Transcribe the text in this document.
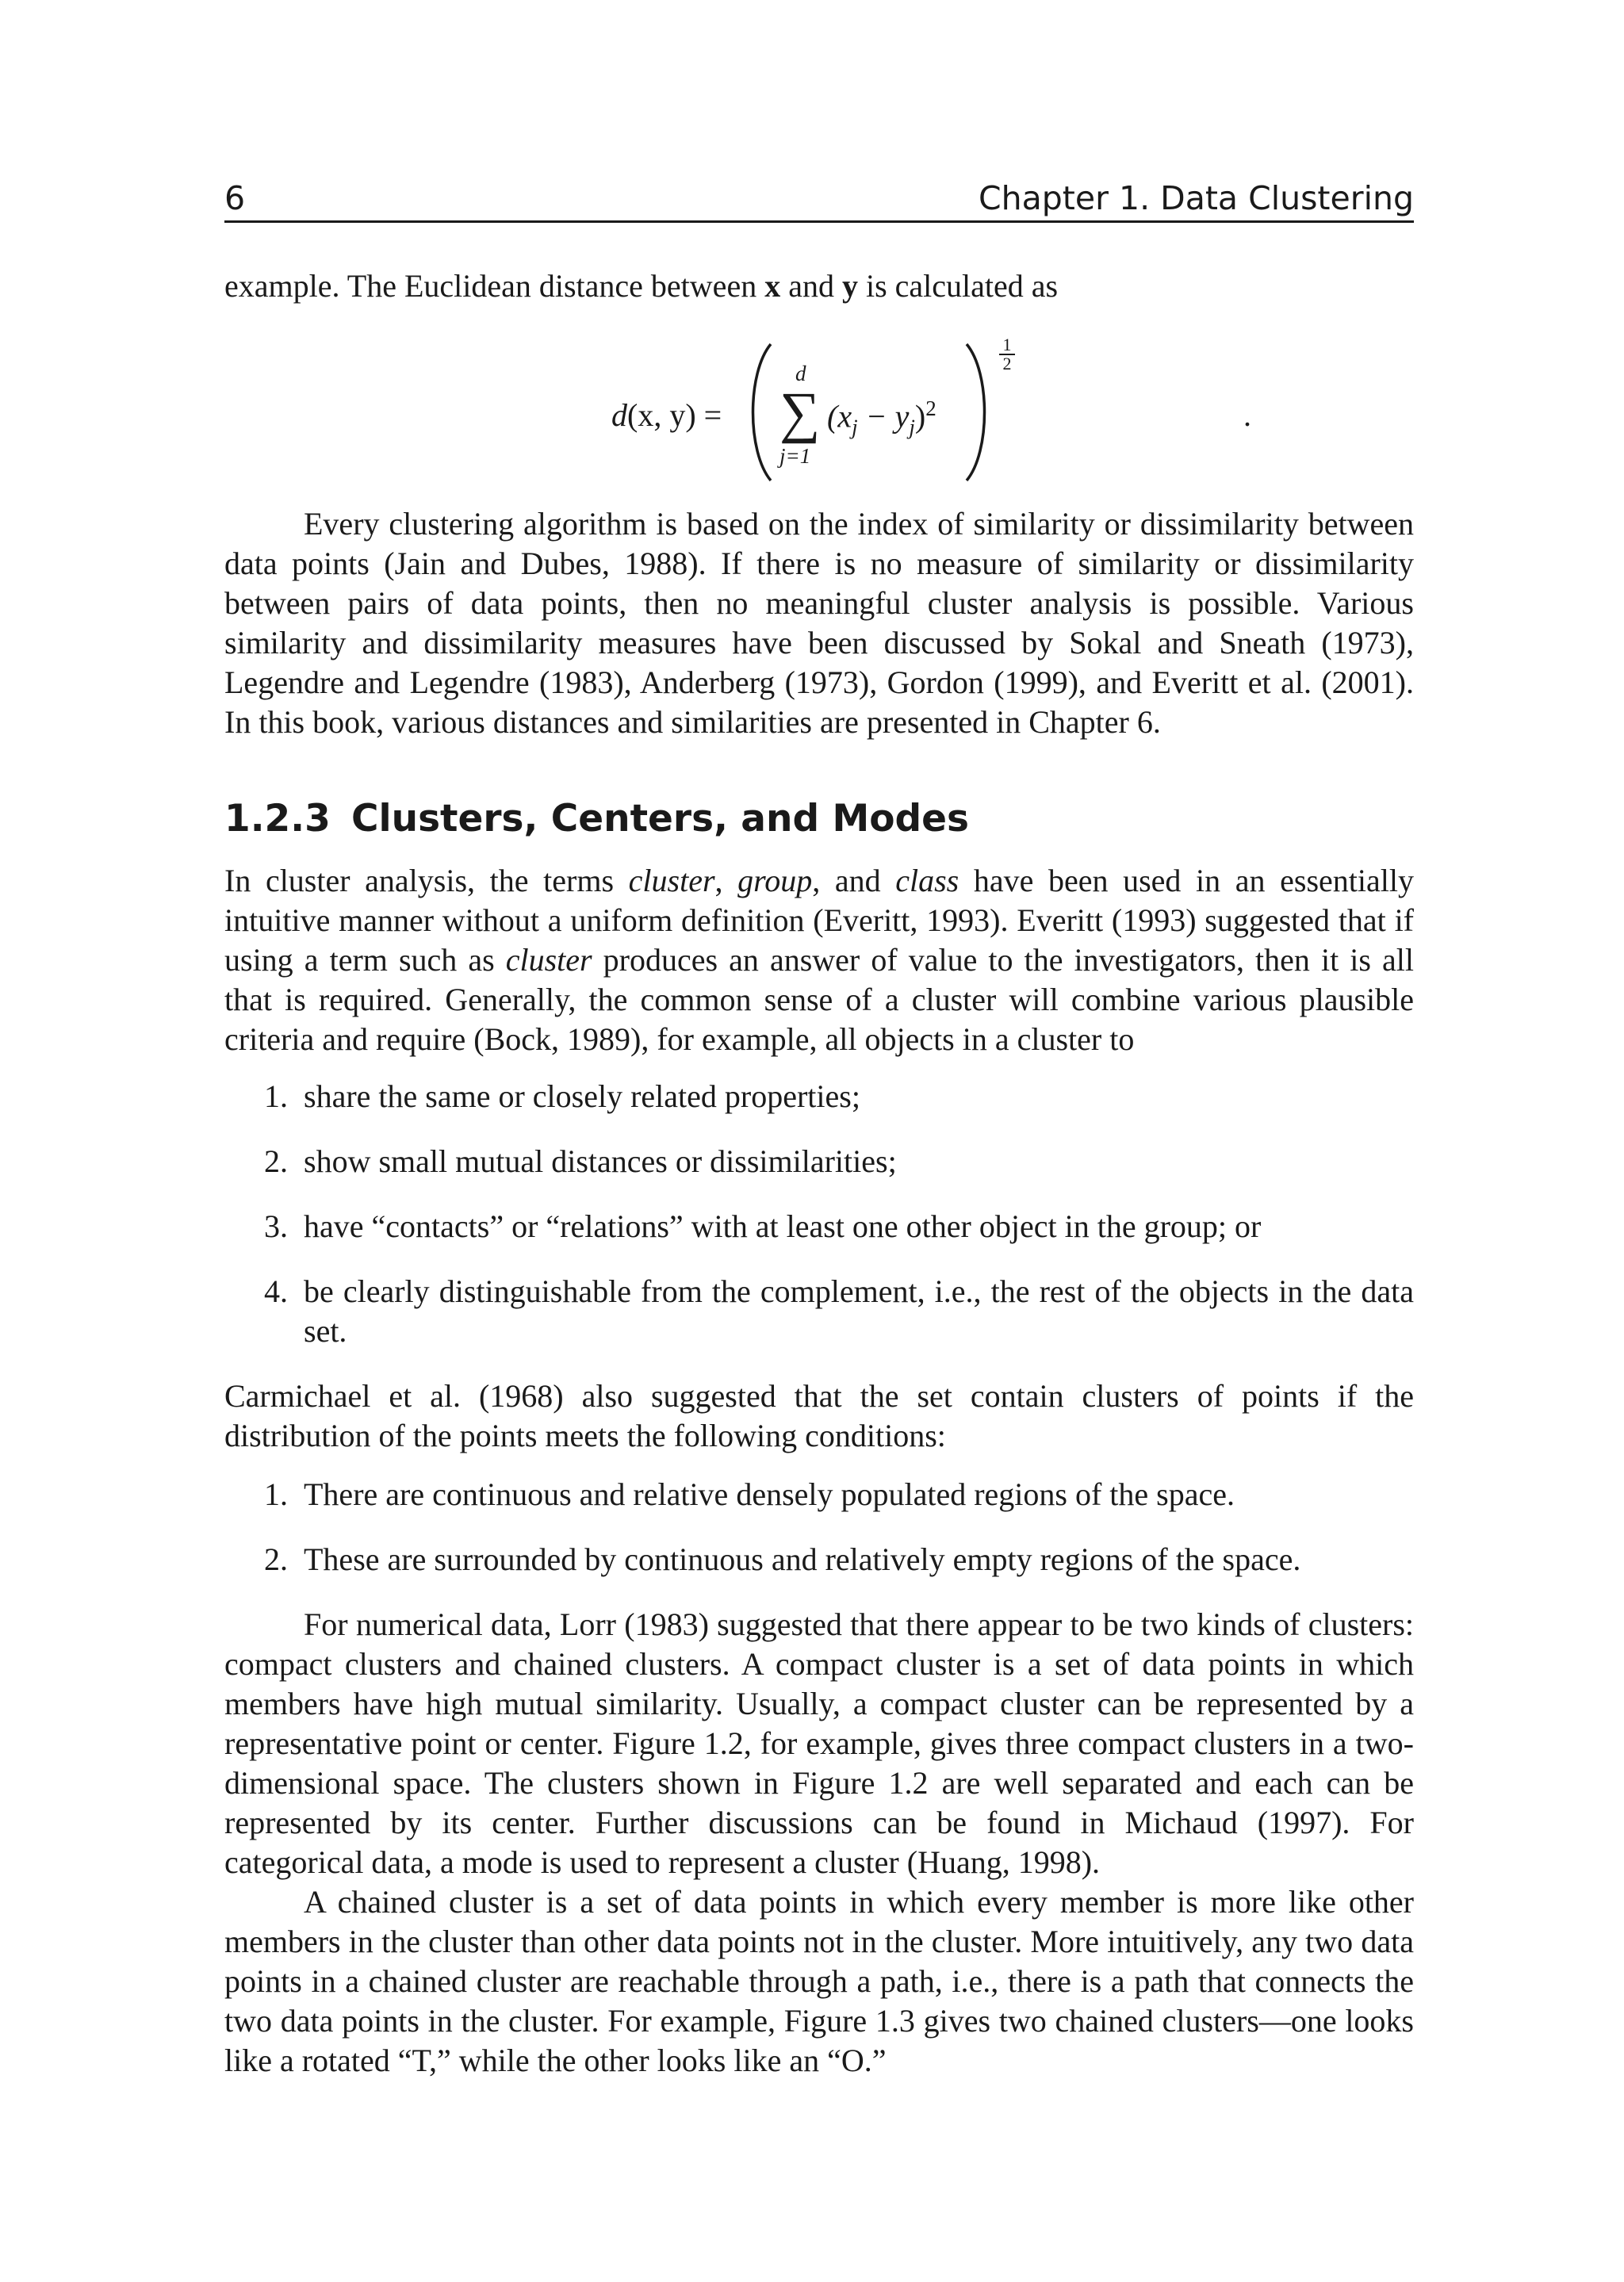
6	Chapter 1. Data Clustering

example. The Euclidean distance between x and y is calculated as

d(x, y) =
d
∑
j=1
$(x_j - y_j)^2$
1
2
.

Every clustering algorithm is based on the index of similarity or dissimilarity between data points (Jain and Dubes, 1988). If there is no measure of similarity or dissimilarity between pairs of data points, then no meaningful cluster analysis is possible. Various similarity and dissimilarity measures have been discussed by Sokal and Sneath (1973), Legendre and Legendre (1983), Anderberg (1973), Gordon (1999), and Everitt et al. (2001). In this book, various distances and similarities are presented in Chapter 6.

1.2.3 Clusters, Centers, and Modes

In cluster analysis, the terms cluster, group, and class have been used in an essentially intuitive manner without a uniform definition (Everitt, 1993). Everitt (1993) suggested that if using a term such as cluster produces an answer of value to the investigators, then it is all that is required. Generally, the common sense of a cluster will combine various plausible criteria and require (Bock, 1989), for example, all objects in a cluster to

1. share the same or closely related properties;
2. show small mutual distances or dissimilarities;
3. have “contacts” or “relations” with at least one other object in the group; or
4. be clearly distinguishable from the complement, i.e., the rest of the objects in the data set.

Carmichael et al. (1968) also suggested that the set contain clusters of points if the distribution of the points meets the following conditions:

1. There are continuous and relative densely populated regions of the space.
2. These are surrounded by continuous and relatively empty regions of the space.

For numerical data, Lorr (1983) suggested that there appear to be two kinds of clusters: compact clusters and chained clusters. A compact cluster is a set of data points in which members have high mutual similarity. Usually, a compact cluster can be represented by a representative point or center. Figure 1.2, for example, gives three compact clusters in a two-dimensional space. The clusters shown in Figure 1.2 are well separated and each can be represented by its center. Further discussions can be found in Michaud (1997). For categorical data, a mode is used to represent a cluster (Huang, 1998).

A chained cluster is a set of data points in which every member is more like other members in the cluster than other data points not in the cluster. More intuitively, any two data points in a chained cluster are reachable through a path, i.e., there is a path that connects the two data points in the cluster. For example, Figure 1.3 gives two chained clusters—one looks like a rotated “T,” while the other looks like an “O.”
